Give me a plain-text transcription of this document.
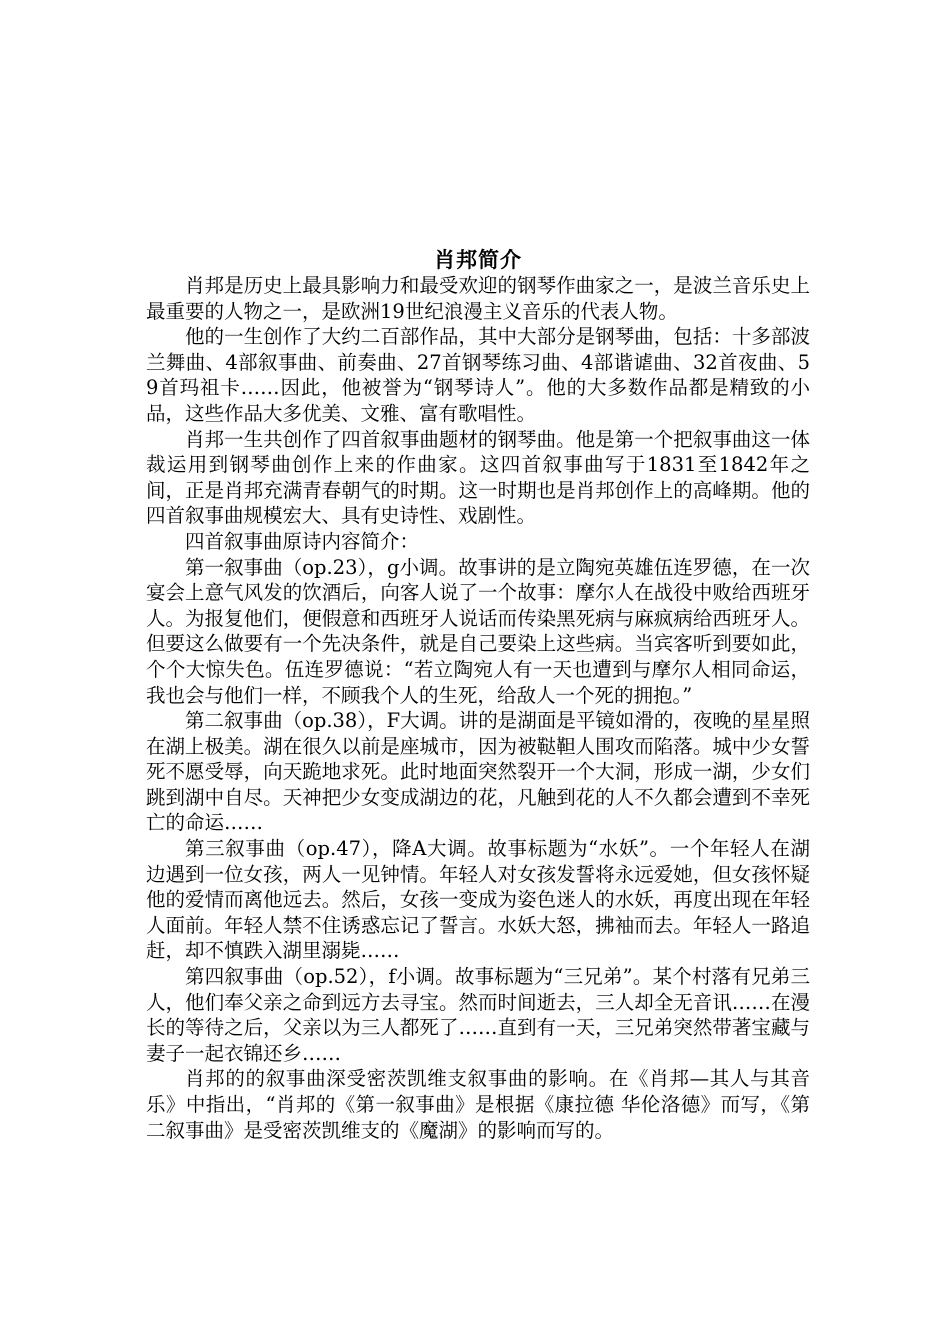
肖邦简介

肖邦是历史上最具影响力和最受欢迎的钢琴作曲家之一，是波兰音乐史上最重要的人物之一，是欧洲19世纪浪漫主义音乐的代表人物。

他的一生创作了大约二百部作品，其中大部分是钢琴曲，包括：十多部波兰舞曲、4部叙事曲、前奏曲、27首钢琴练习曲、4部谐谑曲、32首夜曲、59首玛祖卡……因此，他被誉为“钢琴诗人”。他的大多数作品都是精致的小品，这些作品大多优美、文雅、富有歌唱性。

肖邦一生共创作了四首叙事曲题材的钢琴曲。他是第一个把叙事曲这一体裁运用到钢琴曲创作上来的作曲家。这四首叙事曲写于1831至1842年之间，正是肖邦充满青春朝气的时期。这一时期也是肖邦创作上的高峰期。他的四首叙事曲规模宏大、具有史诗性、戏剧性。

四首叙事曲原诗内容简介：

第一叙事曲（op.23），g小调。故事讲的是立陶宛英雄伍连罗德，在一次宴会上意气风发的饮酒后，向客人说了一个故事：摩尔人在战役中败给西班牙人。为报复他们，便假意和西班牙人说话而传染黑死病与麻疯病给西班牙人。但要这么做要有一个先决条件，就是自己要染上这些病。当宾客听到要如此，个个大惊失色。伍连罗德说：“若立陶宛人有一天也遭到与摩尔人相同命运，我也会与他们一样，不顾我个人的生死，给敌人一个死的拥抱。”

第二叙事曲（op.38），F大调。讲的是湖面是平镜如滑的，夜晚的星星照在湖上极美。湖在很久以前是座城市，因为被鞑靼人围攻而陷落。城中少女誓死不愿受辱，向天跪地求死。此时地面突然裂开一个大洞，形成一湖，少女们跳到湖中自尽。天神把少女变成湖边的花，凡触到花的人不久都会遭到不幸死亡的命运……

第三叙事曲（op.47），降A大调。故事标题为“水妖”。一个年轻人在湖边遇到一位女孩，两人一见钟情。年轻人对女孩发誓将永远爱她，但女孩怀疑他的爱情而离他远去。然后，女孩一变成为姿色迷人的水妖，再度出现在年轻人面前。年轻人禁不住诱惑忘记了誓言。水妖大怒，拂袖而去。年轻人一路追赶，却不慎跌入湖里溺毙……

第四叙事曲（op.52），f小调。故事标题为“三兄弟”。某个村落有兄弟三人，他们奉父亲之命到远方去寻宝。然而时间逝去，三人却全无音讯……在漫长的等待之后，父亲以为三人都死了……直到有一天，三兄弟突然带著宝藏与妻子一起衣锦还乡……

肖邦的的叙事曲深受密茨凯维支叙事曲的影响。在《肖邦—其人与其音乐》中指出，“肖邦的《第一叙事曲》是根据《康拉德 华伦洛德》而写，《第二叙事曲》是受密茨凯维支的《魔湖》的影响而写的。
